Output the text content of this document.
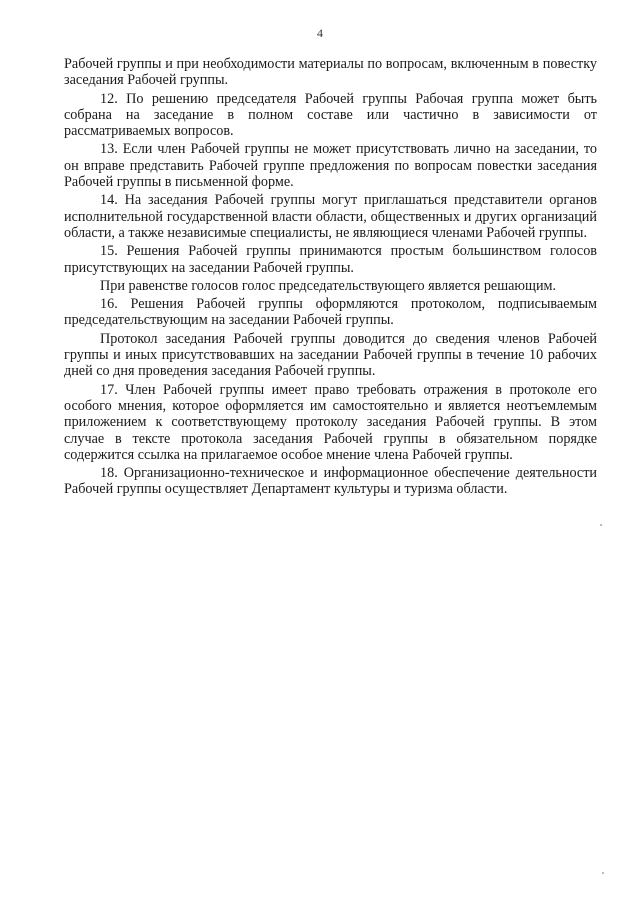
4

Рабочей группы и при необходимости материалы по вопросам, включенным в повестку заседания Рабочей группы.

12. По решению председателя Рабочей группы Рабочая группа может быть собрана на заседание в полном составе или частично в зависимости от рассматриваемых вопросов.

13. Если член Рабочей группы не может присутствовать лично на заседании, то он вправе представить Рабочей группе предложения по вопросам повестки заседания Рабочей группы в письменной форме.

14. На заседания Рабочей группы могут приглашаться представители органов исполнительной государственной власти области, общественных и других организаций области, а также независимые специалисты, не являющиеся членами Рабочей группы.

15. Решения Рабочей группы принимаются простым большинством голосов присутствующих на заседании Рабочей группы.

При равенстве голосов голос председательствующего является решающим.

16. Решения Рабочей группы оформляются протоколом, подписываемым председательствующим на заседании Рабочей группы.

Протокол заседания Рабочей группы доводится до сведения членов Рабочей группы и иных присутствовавших на заседании Рабочей группы в течение 10 рабочих дней со дня проведения заседания Рабочей группы.

17. Член Рабочей группы имеет право требовать отражения в протоколе его особого мнения, которое оформляется им самостоятельно и является неотъемлемым приложением к соответствующему протоколу заседания Рабочей группы. В этом случае в тексте протокола заседания Рабочей группы в обязательном порядке содержится ссылка на прилагаемое особое мнение члена Рабочей группы.

18. Организационно-техническое и информационное обеспечение деятельности Рабочей группы осуществляет Департамент культуры и туризма области.
